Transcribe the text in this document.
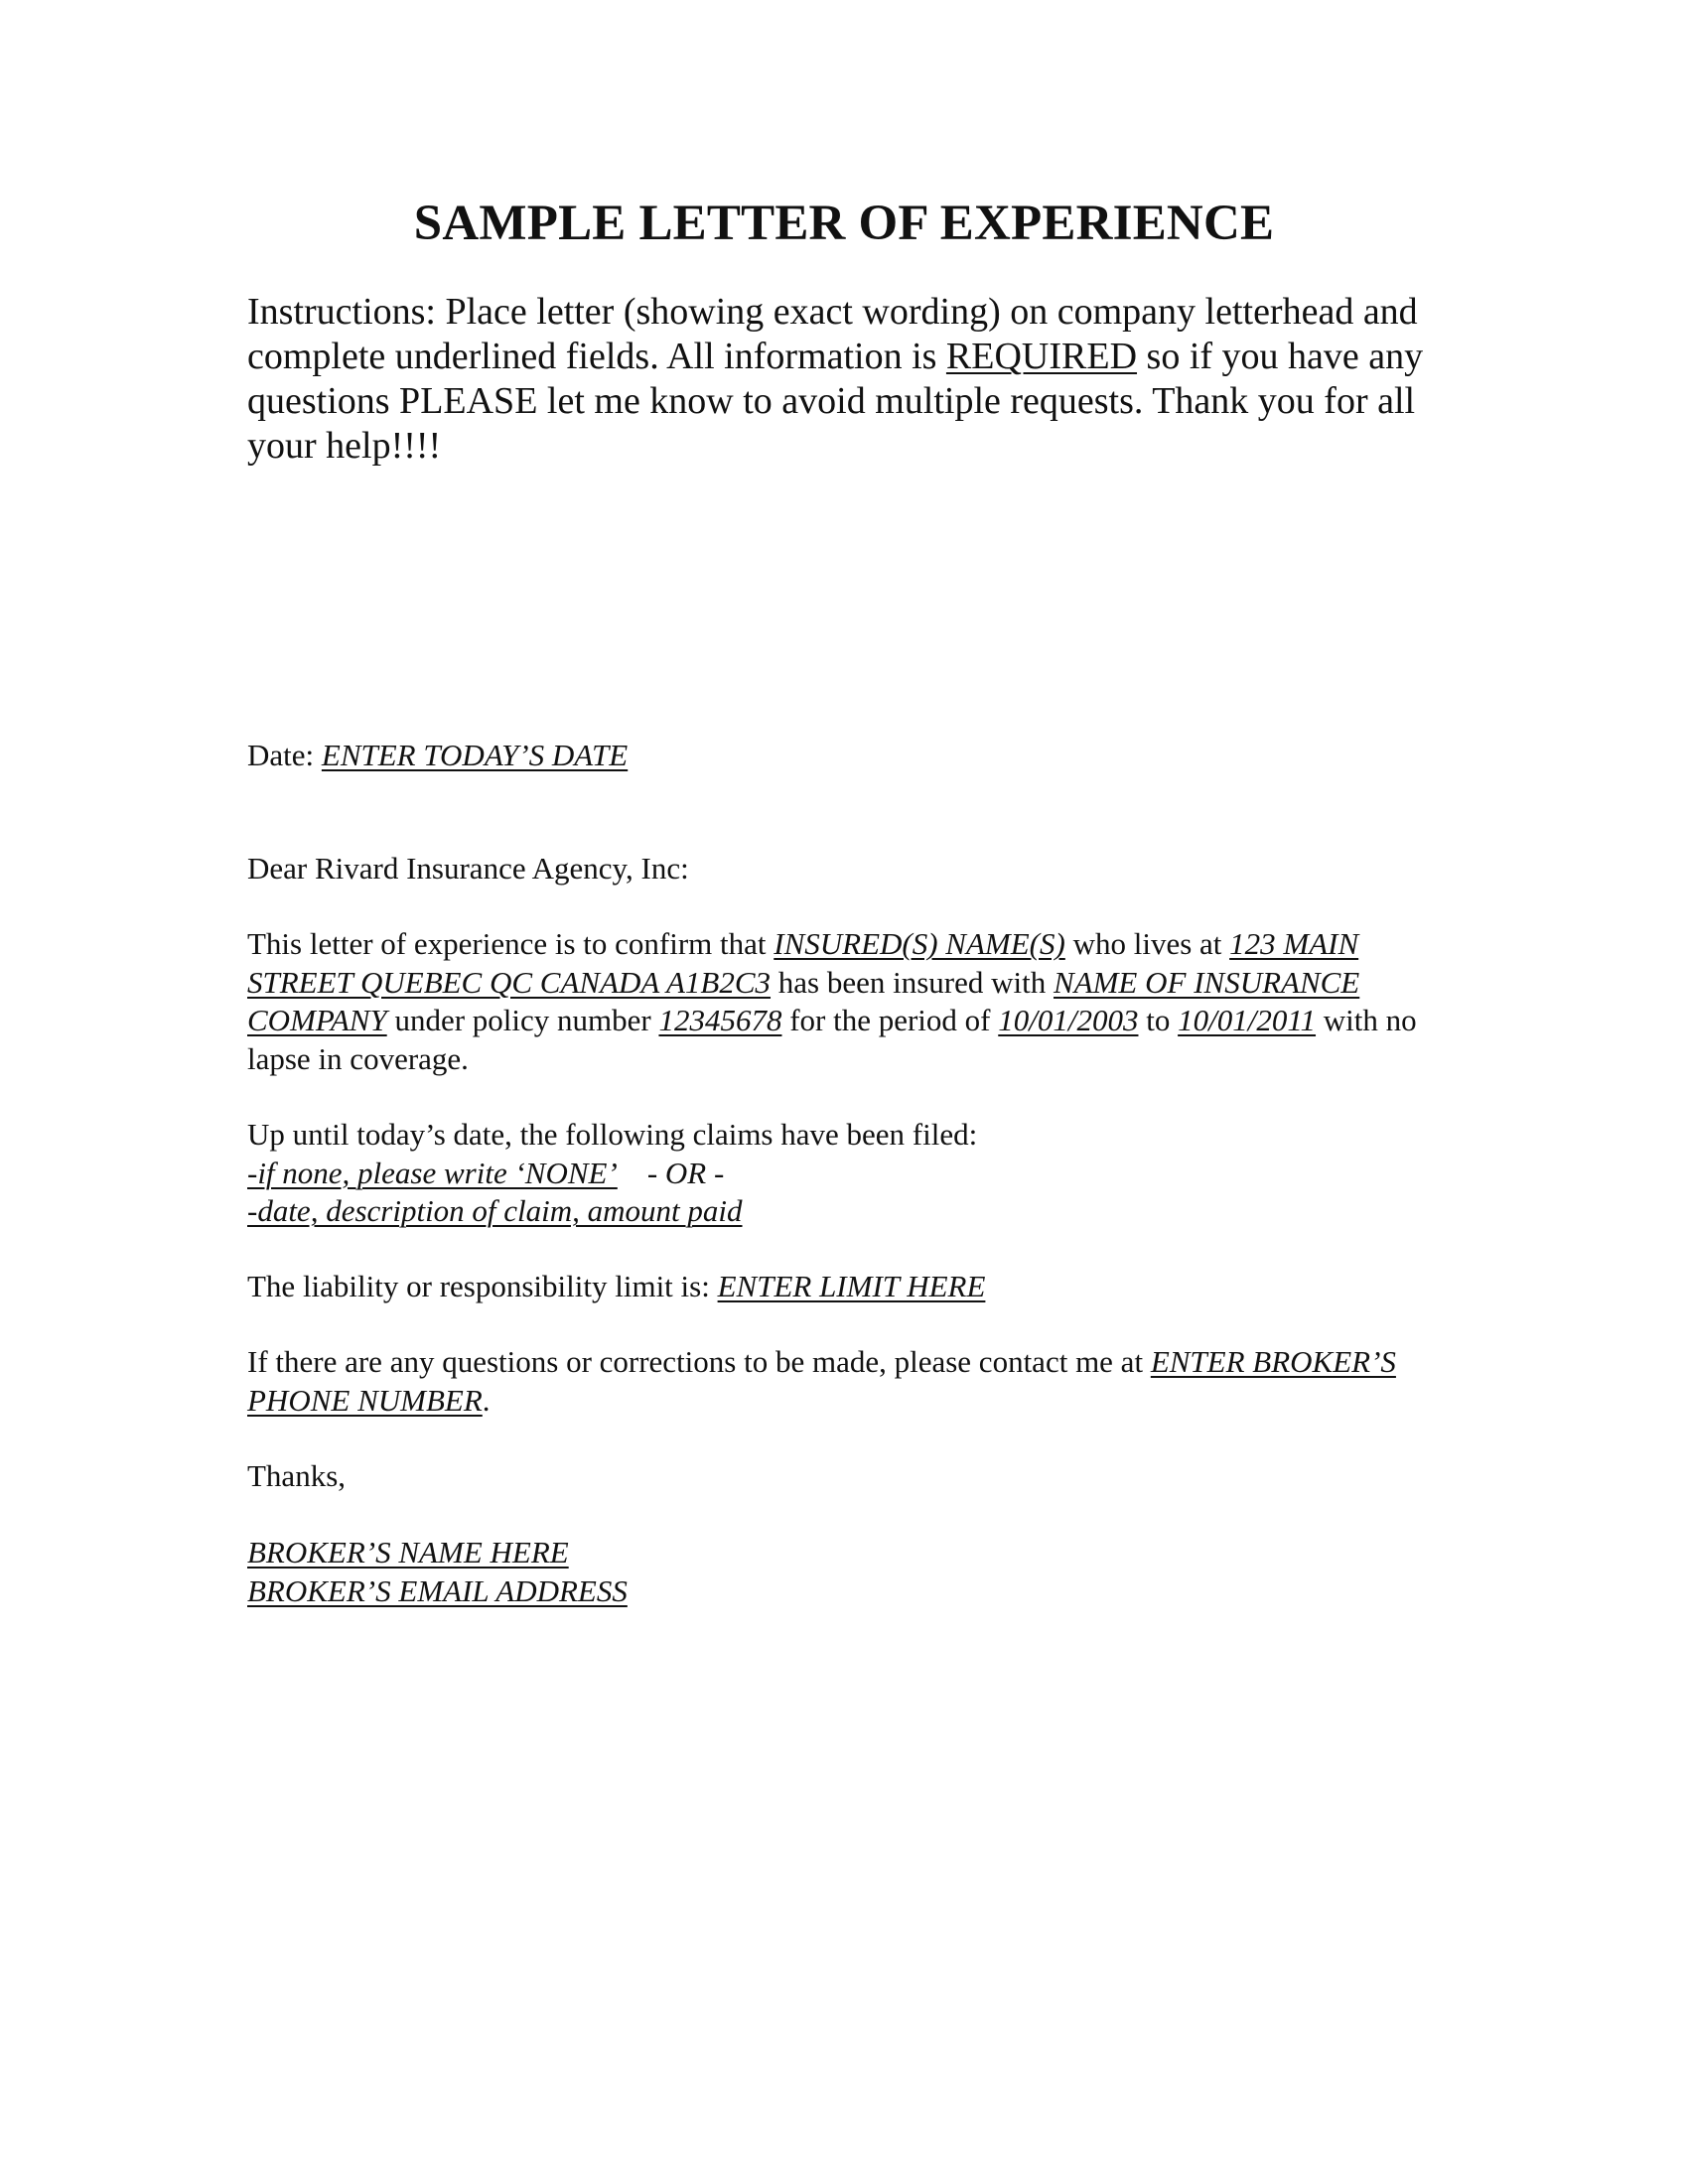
SAMPLE LETTER OF EXPERIENCE

Instructions: Place letter (showing exact wording) on company letterhead and complete underlined fields. All information is REQUIRED so if you have any questions PLEASE let me know to avoid multiple requests. Thank you for all your help!!!!

Date: ENTER TODAY’S DATE

Dear Rivard Insurance Agency, Inc:

This letter of experience is to confirm that INSURED(S) NAME(S) who lives at 123 MAIN STREET QUEBEC QC CANADA A1B2C3 has been insured with NAME OF INSURANCE COMPANY under policy number 12345678 for the period of 10/01/2003 to 10/01/2011 with no lapse in coverage.

Up until today’s date, the following claims have been filed:
-if none, please write ‘NONE’ - OR -
-date, description of claim, amount paid

The liability or responsibility limit is: ENTER LIMIT HERE

If there are any questions or corrections to be made, please contact me at ENTER BROKER’S PHONE NUMBER.

Thanks,

BROKER’S NAME HERE
BROKER’S EMAIL ADDRESS
